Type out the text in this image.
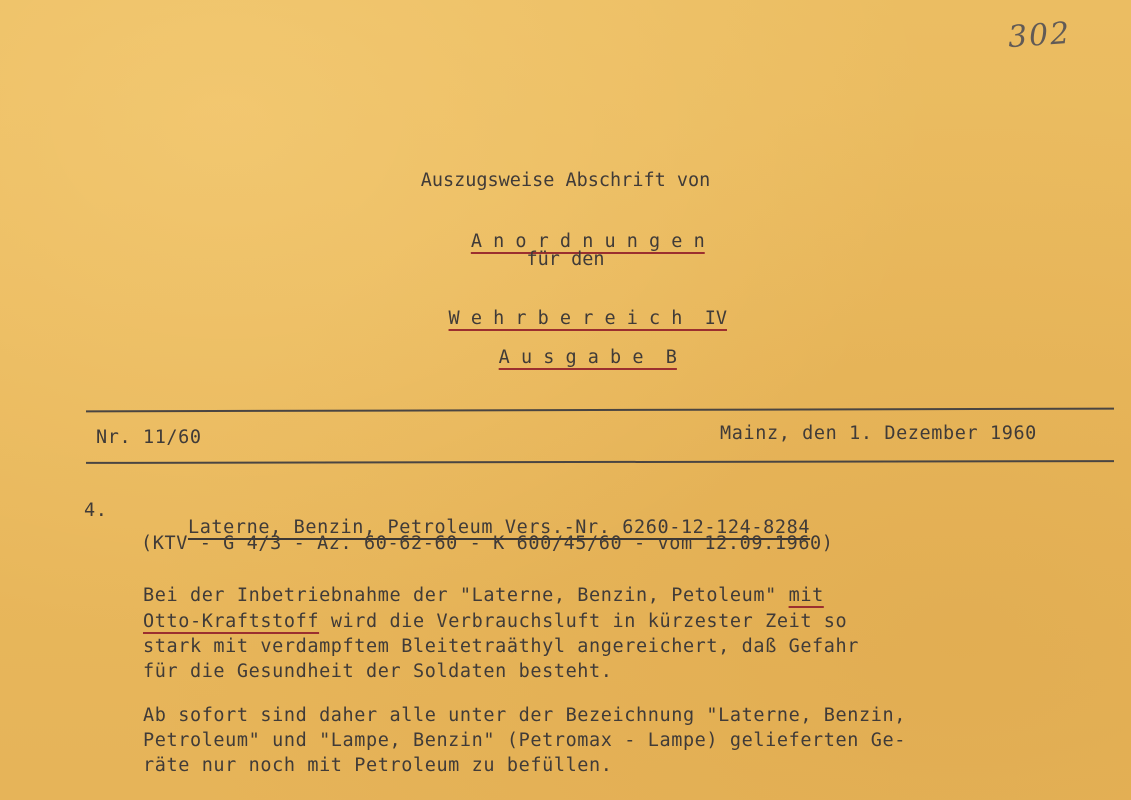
302
Auszugsweise Abschrift von

A n o r d n u n g e n

für den

W e h r b e r e i c h  IV

A u s g a b e  B

Nr. 11/60	Mainz, den 1. Dezember 1960
4.

Laterne, Benzin, Petroleum Vers.-Nr. 6260-12-124-8284

(KTV - G 4/3 - Az. 60-62-60 - K 600/45/60 - vom 12.09.1960)
Bei der Inbetriebnahme der "Laterne, Benzin, Petoleum" mit
Otto-Kraftstoff wird die Verbrauchsluft in kürzester Zeit so
stark mit verdampftem Bleitetraäthyl angereichert, daß Gefahr
für die Gesundheit der Soldaten besteht.
Ab sofort sind daher alle unter der Bezeichnung "Laterne, Benzin,
Petroleum" und "Lampe, Benzin" (Petromax - Lampe) gelieferten Ge-
räte nur noch mit Petroleum zu befüllen.
